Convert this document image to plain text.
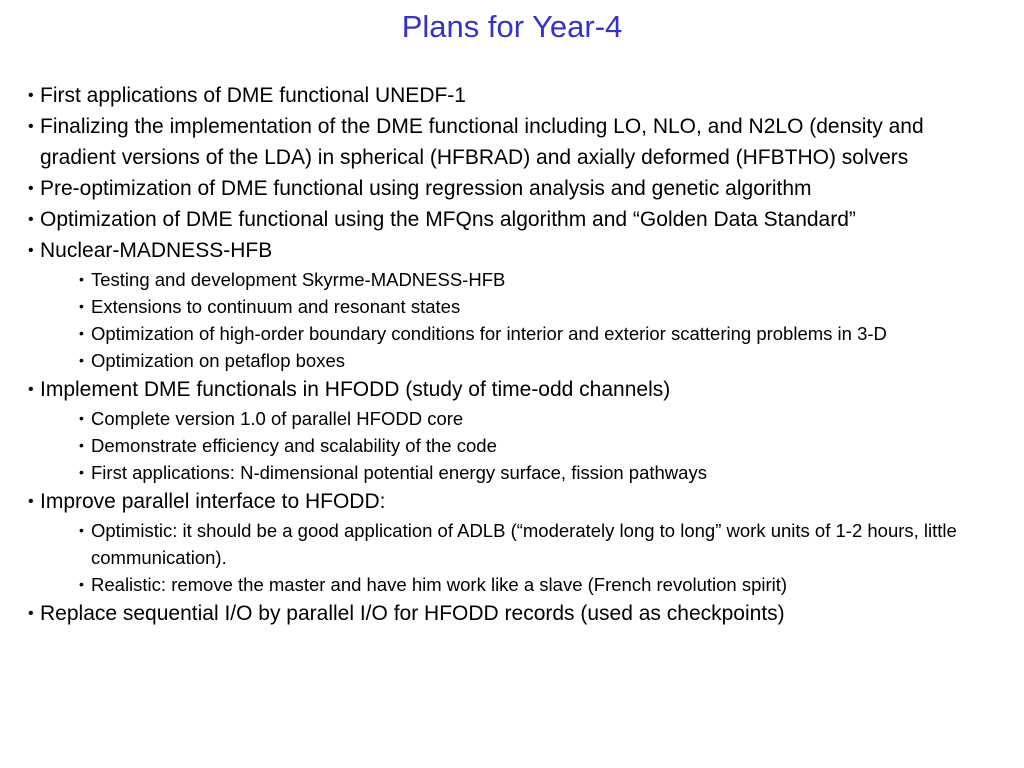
Plans for Year-4
• First applications of DME functional UNEDF-1
• Finalizing the implementation of the DME functional including LO, NLO, and N2LO (density and gradient versions of the LDA) in spherical (HFBRAD) and axially deformed (HFBTHO) solvers
• Pre-optimization of DME functional using regression analysis and genetic algorithm
• Optimization of DME functional using the MFQns algorithm and “Golden Data Standard”
• Nuclear-MADNESS-HFB
• Testing and development Skyrme-MADNESS-HFB
• Extensions to continuum and resonant states
• Optimization of high-order boundary conditions for interior and exterior scattering problems in 3-D
• Optimization on petaflop boxes
• Implement DME functionals in HFODD (study of time-odd channels)
• Complete version 1.0 of parallel HFODD core
• Demonstrate efficiency and scalability of the code
• First applications: N-dimensional potential energy surface, fission pathways
• Improve parallel interface to HFODD:
• Optimistic: it should be a good application of ADLB (“moderately long to long” work units of 1-2 hours, little communication).
• Realistic: remove the master and have him work like a slave (French revolution spirit)
• Replace sequential I/O by parallel I/O for HFODD records (used as checkpoints)
